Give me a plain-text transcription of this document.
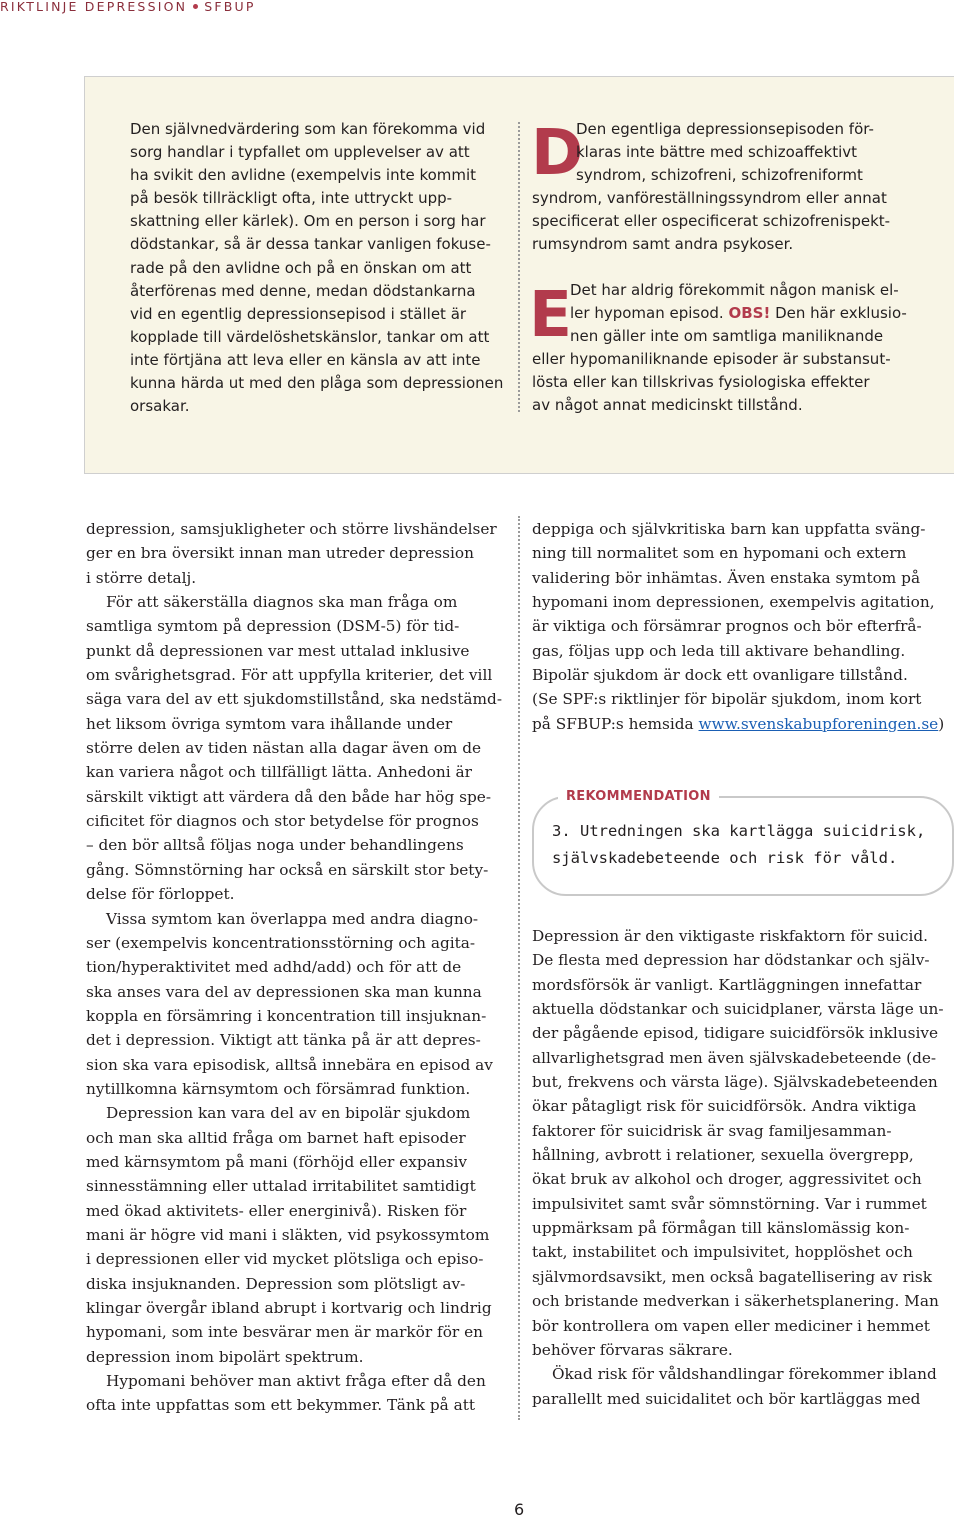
RIKTLINJE DEPRESSION SFBUP
Den självnedvärdering som kan förekomma vid
sorg handlar i typfallet om upplevelser av att
ha svikit den avlidne (exempelvis inte kommit
på besök tillräckligt ofta, inte uttryckt upp-
skattning eller kärlek). Om en person i sorg har
dödstankar, så är dessa tankar vanligen fokuse-
rade på den avlidne och på en önskan om att
återförenas med denne, medan dödstankarna
vid en egentlig depressionsepisod i stället är
kopplade till värdelöshetskänslor, tankar om att
inte förtjäna att leva eller en känsla av att inte
kunna härda ut med den plåga som depressionen
orsakar.
D
Den egentliga depressionsepisoden för-
klaras inte bättre med schizoaffektivt
syndrom, schizofreni, schizofreniformt
syndrom, vanföreställningssyndrom eller annat
specificerat eller ospecificerat schizofrenispekt-
rumsyndrom samt andra psykoser.
E
Det har aldrig förekommit någon manisk el-
ler hypoman episod. OBS! Den här exklusio-
nen gäller inte om samtliga maniliknande
eller hypomaniliknande episoder är substansut-
lösta eller kan tillskrivas fysiologiska effekter
av något annat medicinskt tillstånd.
depression, samsjukligheter och större livshändelser
ger en bra översikt innan man utreder depression
i större detalj.
För att säkerställa diagnos ska man fråga om
samtliga symtom på depression (DSM-5) för tid-
punkt då depressionen var mest uttalad inklusive
om svårighetsgrad. För att uppfylla kriterier, det vill
säga vara del av ett sjukdomstillstånd, ska nedstämd-
het liksom övriga symtom vara ihållande under
större delen av tiden nästan alla dagar även om de
kan variera något och tillfälligt lätta. Anhedoni är
särskilt viktigt att värdera då den både har hög spe-
cificitet för diagnos och stor betydelse för prognos
– den bör alltså följas noga under behandlingens
gång. Sömnstörning har också en särskilt stor bety-
delse för förloppet.
Vissa symtom kan överlappa med andra diagno-
ser (exempelvis koncentrationsstörning och agita-
tion/hyperaktivitet med adhd/add) och för att de
ska anses vara del av depressionen ska man kunna
koppla en försämring i koncentration till insjuknan-
det i depression. Viktigt att tänka på är att depres-
sion ska vara episodisk, alltså innebära en episod av
nytillkomna kärnsymtom och försämrad funktion.
Depression kan vara del av en bipolär sjukdom
och man ska alltid fråga om barnet haft episoder
med kärnsymtom på mani (förhöjd eller expansiv
sinnesstämning eller uttalad irritabilitet samtidigt
med ökad aktivitets- eller energinivå). Risken för
mani är högre vid mani i släkten, vid psykossymtom
i depressionen eller vid mycket plötsliga och episo-
diska insjuknanden. Depression som plötsligt av-
klingar övergår ibland abrupt i kortvarig och lindrig
hypomani, som inte besvärar men är markör för en
depression inom bipolärt spektrum.
Hypomani behöver man aktivt fråga efter då den
ofta inte uppfattas som ett bekymmer. Tänk på att
deppiga och självkritiska barn kan uppfatta sväng-
ning till normalitet som en hypomani och extern
validering bör inhämtas. Även enstaka symtom på
hypomani inom depressionen, exempelvis agitation,
är viktiga och försämrar prognos och bör efterfrå-
gas, följas upp och leda till aktivare behandling.
Bipolär sjukdom är dock ett ovanligare tillstånd.
(Se SPF:s riktlinjer för bipolär sjukdom, inom kort
på SFBUP:s hemsida www.svenskabupforeningen.se)
REKOMMENDATION
3. Utredningen ska kartlägga suicidrisk,
självskadebeteende och risk för våld.
Depression är den viktigaste riskfaktorn för suicid.
De flesta med depression har dödstankar och själv-
mordsförsök är vanligt. Kartläggningen innefattar
aktuella dödstankar och suicidplaner, värsta läge un-
der pågående episod, tidigare suicidförsök inklusive
allvarlighetsgrad men även självskadebeteende (de-
but, frekvens och värsta läge). Självskadebeteenden
ökar påtagligt risk för suicidförsök. Andra viktiga
faktorer för suicidrisk är svag familjesamman-
hållning, avbrott i relationer, sexuella övergrepp,
ökat bruk av alkohol och droger, aggressivitet och
impulsivitet samt svår sömnstörning. Var i rummet
uppmärksam på förmågan till känslomässig kon-
takt, instabilitet och impulsivitet, hopplöshet och
självmordsavsikt, men också bagatellisering av risk
och bristande medverkan i säkerhetsplanering. Man
bör kontrollera om vapen eller mediciner i hemmet
behöver förvaras säkrare.
Ökad risk för våldshandlingar förekommer ibland
parallellt med suicidalitet och bör kartläggas med
6
